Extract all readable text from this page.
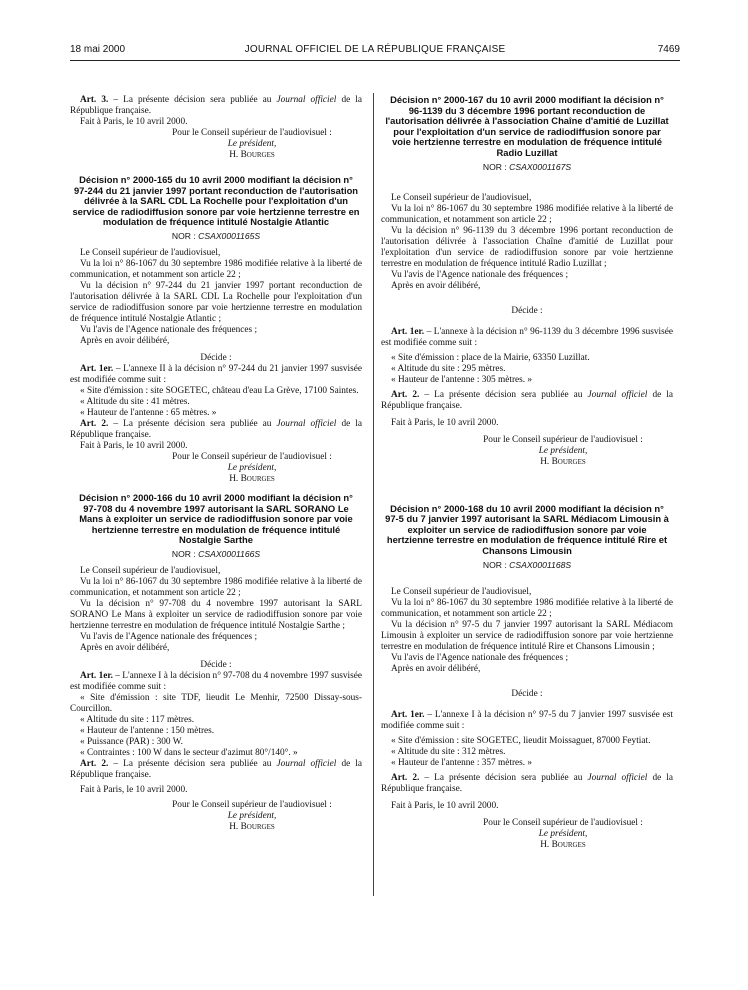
18 mai 2000	JOURNAL OFFICIEL DE LA RÉPUBLIQUE FRANÇAISE	7469

Art. 3. – La présente décision sera publiée au Journal officiel de la République française.

Fait à Paris, le 10 avril 2000.

Pour le Conseil supérieur de l'audiovisuel :

Le président,

H. Bourges

Décision n° 2000-165 du 10 avril 2000 modifiant la décision n° 97-244 du 21 janvier 1997 portant reconduction de l'autorisation délivrée à la SARL CDL La Rochelle pour l'exploitation d'un service de radiodiffusion sonore par voie hertzienne terrestre en modulation de fréquence intitulé Nostalgie Atlantic

NOR : CSAX0001165S

Le Conseil supérieur de l'audiovisuel,

Vu la loi n° 86-1067 du 30 septembre 1986 modifiée relative à la liberté de communication, et notamment son article 22 ;

Vu la décision n° 97-244 du 21 janvier 1997 portant reconduction de l'autorisation délivrée à la SARL CDL La Rochelle pour l'exploitation d'un service de radiodiffusion sonore par voie hertzienne terrestre en modulation de fréquence intitulé Nostalgie Atlantic ;

Vu l'avis de l'Agence nationale des fréquences ;

Après en avoir délibéré,

Décide :

Art. 1er. – L'annexe II à la décision n° 97-244 du 21 janvier 1997 susvisée est modifiée comme suit :

« Site d'émission : site SOGETEC, château d'eau La Grève, 17100 Saintes.

« Altitude du site : 41 mètres.

« Hauteur de l'antenne : 65 mètres. »

Art. 2. – La présente décision sera publiée au Journal officiel de la République française.

Fait à Paris, le 10 avril 2000.

Pour le Conseil supérieur de l'audiovisuel :

Le président,

H. Bourges

Décision n° 2000-166 du 10 avril 2000 modifiant la décision n° 97-708 du 4 novembre 1997 autorisant la SARL SORANO Le Mans à exploiter un service de radiodiffusion sonore par voie hertzienne terrestre en modulation de fréquence intitulé Nostalgie Sarthe

NOR : CSAX0001166S

Le Conseil supérieur de l'audiovisuel,

Vu la loi n° 86-1067 du 30 septembre 1986 modifiée relative à la liberté de communication, et notamment son article 22 ;

Vu la décision n° 97-708 du 4 novembre 1997 autorisant la SARL SORANO Le Mans à exploiter un service de radiodiffusion sonore par voie hertzienne terrestre en modulation de fréquence intitulé Nostalgie Sarthe ;

Vu l'avis de l'Agence nationale des fréquences ;

Après en avoir délibéré,

Décide :

Art. 1er. – L'annexe I à la décision n° 97-708 du 4 novembre 1997 susvisée est modifiée comme suit :

« Site d'émission : site TDF, lieudit Le Menhir, 72500 Dissay-sous-Courcillon.

« Altitude du site : 117 mètres.

« Hauteur de l'antenne : 150 mètres.

« Puissance (PAR) : 300 W.

« Contraintes : 100 W dans le secteur d'azimut 80°/140°. »

Art. 2. – La présente décision sera publiée au Journal officiel de la République française.

Fait à Paris, le 10 avril 2000.

Pour le Conseil supérieur de l'audiovisuel :

Le président,

H. Bourges

Décision n° 2000-167 du 10 avril 2000 modifiant la décision n° 96-1139 du 3 décembre 1996 portant reconduction de l'autorisation délivrée à l'association Chaîne d'amitié de Luzillat pour l'exploitation d'un service de radiodiffusion sonore par voie hertzienne terrestre en modulation de fréquence intitulé Radio Luzillat

NOR : CSAX0001167S

Le Conseil supérieur de l'audiovisuel,

Vu la loi n° 86-1067 du 30 septembre 1986 modifiée relative à la liberté de communication, et notamment son article 22 ;

Vu la décision n° 96-1139 du 3 décembre 1996 portant reconduction de l'autorisation délivrée à l'association Chaîne d'amitié de Luzillat pour l'exploitation d'un service de radiodiffusion sonore par voie hertzienne terrestre en modulation de fréquence intitulé Radio Luzillat ;

Vu l'avis de l'Agence nationale des fréquences ;

Après en avoir délibéré,

Décide :

Art. 1er. – L'annexe à la décision n° 96-1139 du 3 décembre 1996 susvisée est modifiée comme suit :

« Site d'émission : place de la Mairie, 63350 Luzillat.

« Altitude du site : 295 mètres.

« Hauteur de l'antenne : 305 mètres. »

Art. 2. – La présente décision sera publiée au Journal officiel de la République française.

Fait à Paris, le 10 avril 2000.

Pour le Conseil supérieur de l'audiovisuel :

Le président,

H. Bourges

Décision n° 2000-168 du 10 avril 2000 modifiant la décision n° 97-5 du 7 janvier 1997 autorisant la SARL Médiacom Limousin à exploiter un service de radiodiffusion sonore par voie hertzienne terrestre en modulation de fréquence intitulé Rire et Chansons Limousin

NOR : CSAX0001168S

Le Conseil supérieur de l'audiovisuel,

Vu la loi n° 86-1067 du 30 septembre 1986 modifiée relative à la liberté de communication, et notamment son article 22 ;

Vu la décision n° 97-5 du 7 janvier 1997 autorisant la SARL Médiacom Limousin à exploiter un service de radiodiffusion sonore par voie hertzienne terrestre en modulation de fréquence intitulé Rire et Chansons Limousin ;

Vu l'avis de l'Agence nationale des fréquences ;

Après en avoir délibéré,

Décide :

Art. 1er. – L'annexe I à la décision n° 97-5 du 7 janvier 1997 susvisée est modifiée comme suit :

« Site d'émission : site SOGETEC, lieudit Moissaguet, 87000 Feytiat.

« Altitude du site : 312 mètres.

« Hauteur de l'antenne : 357 mètres. »

Art. 2. – La présente décision sera publiée au Journal officiel de la République française.

Fait à Paris, le 10 avril 2000.

Pour le Conseil supérieur de l'audiovisuel :

Le président,

H. Bourges
